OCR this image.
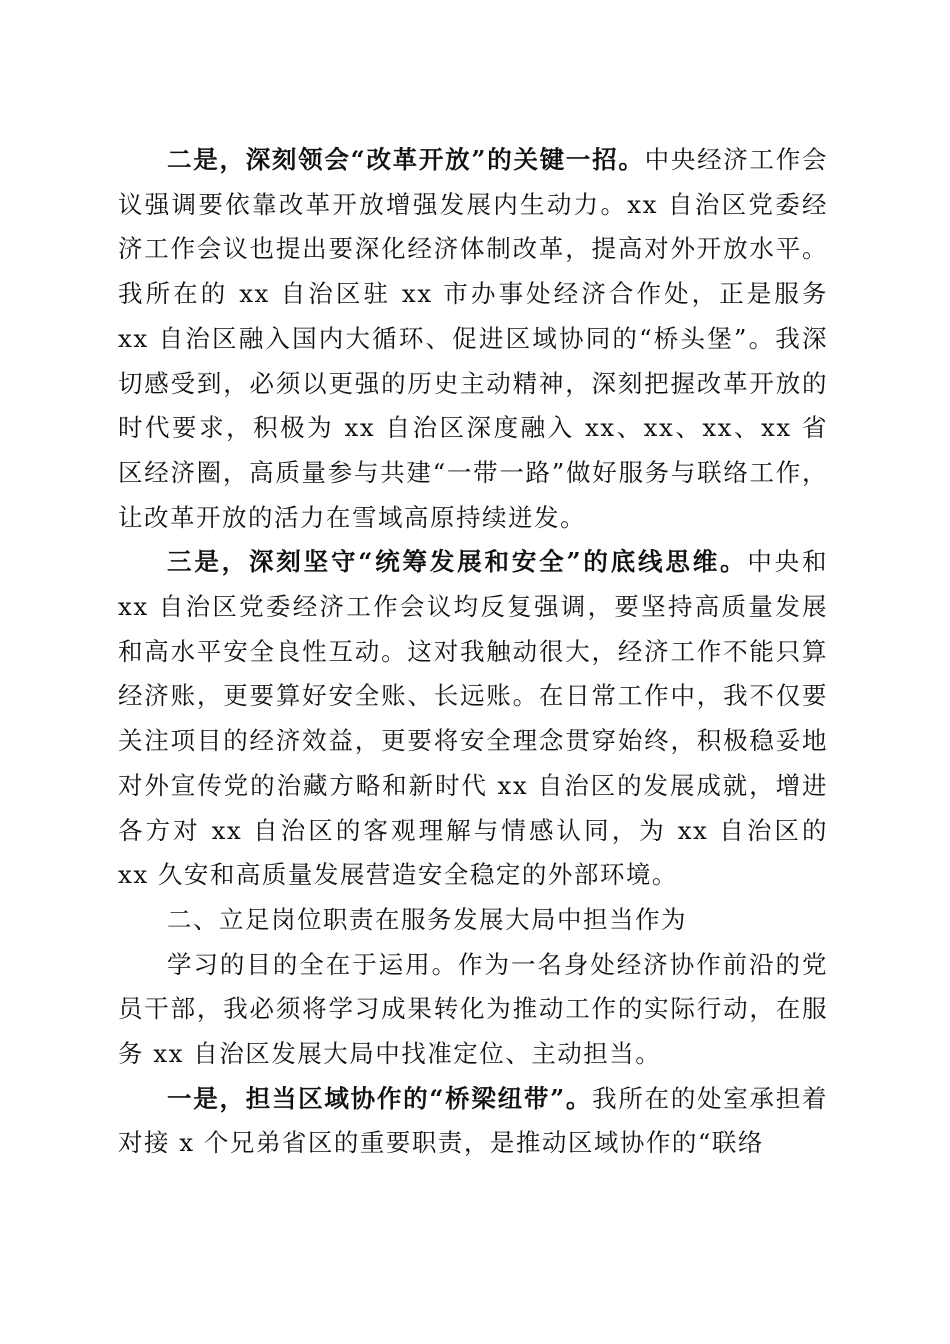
二是，深刻领会“改革开放”的关键一招。中央经济工作会议强调要依靠改革开放增强发展内生动力。xx 自治区党委经济工作会议也提出要深化经济体制改革，提高对外开放水平。我所在的 xx 自治区驻 xx 市办事处经济合作处，正是服务 xx 自治区融入国内大循环、促进区域协同的“桥头堡”。我深切感受到，必须以更强的历史主动精神，深刻把握改革开放的时代要求，积极为 xx 自治区深度融入 xx、xx、xx、xx 省区经济圈，高质量参与共建“一带一路”做好服务与联络工作，让改革开放的活力在雪域高原持续迸发。

三是，深刻坚守“统筹发展和安全”的底线思维。中央和 xx 自治区党委经济工作会议均反复强调，要坚持高质量发展和高水平安全良性互动。这对我触动很大，经济工作不能只算经济账，更要算好安全账、长远账。在日常工作中，我不仅要关注项目的经济效益，更要将安全理念贯穿始终，积极稳妥地对外宣传党的治藏方略和新时代 xx 自治区的发展成就，增进各方对 xx 自治区的客观理解与情感认同，为 xx 自治区的 xx 久安和高质量发展营造安全稳定的外部环境。

二、立足岗位职责在服务发展大局中担当作为

学习的目的全在于运用。作为一名身处经济协作前沿的党员干部，我必须将学习成果转化为推动工作的实际行动，在服务 xx 自治区发展大局中找准定位、主动担当。

一是，担当区域协作的“桥梁纽带”。我所在的处室承担着对接 x 个兄弟省区的重要职责，是推动区域协作的“联络
